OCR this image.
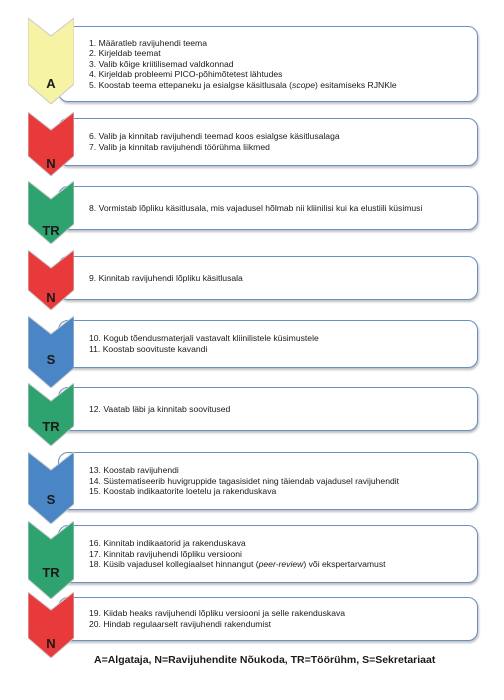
1. Määratleb ravijuhendi teema
2. Kirjeldab teemat
3. Valib kõige kriitilisemad valdkonnad
4. Kirjeldab probleemi PICO-põhimõtetest lähtudes
5. Koostab teema ettepaneku ja esialgse käsitlusala (scope) esitamiseks RJNKle
A
6. Valib ja kinnitab ravijuhendi teemad koos esialgse käsitlusalaga
7. Valib ja kinnitab ravijuhendi töörühma liikmed
N
8. Vormistab lõpliku käsitlusala, mis vajadusel hõlmab nii kliinilisi kui ka elustiili küsimusi
TR
9. Kinnitab ravijuhendi lõpliku käsitlusala
N
10. Kogub tõendusmaterjali vastavalt kliinilistele küsimustele
11. Koostab soovituste kavandi
S
12. Vaatab läbi ja kinnitab soovitused
TR
13. Koostab ravijuhendi
14. Süstematiseerib huvigruppide tagasisidet ning täiendab vajadusel ravijuhendit
15. Koostab indikaatorite loetelu ja rakenduskava
S
16. Kinnitab indikaatorid ja rakenduskava
17. Kinnitab ravijuhendi lõpliku versiooni
18. Küsib vajadusel kollegiaalset hinnangut (peer-review) või ekspertarvamust
TR
19. Kiidab heaks ravijuhendi lõpliku versiooni ja selle rakenduskava
20. Hindab regulaarselt ravijuhendi rakendumist
N
A=Algataja, N=Ravijuhendite Nõukoda, TR=Töörühm, S=Sekretariaat
